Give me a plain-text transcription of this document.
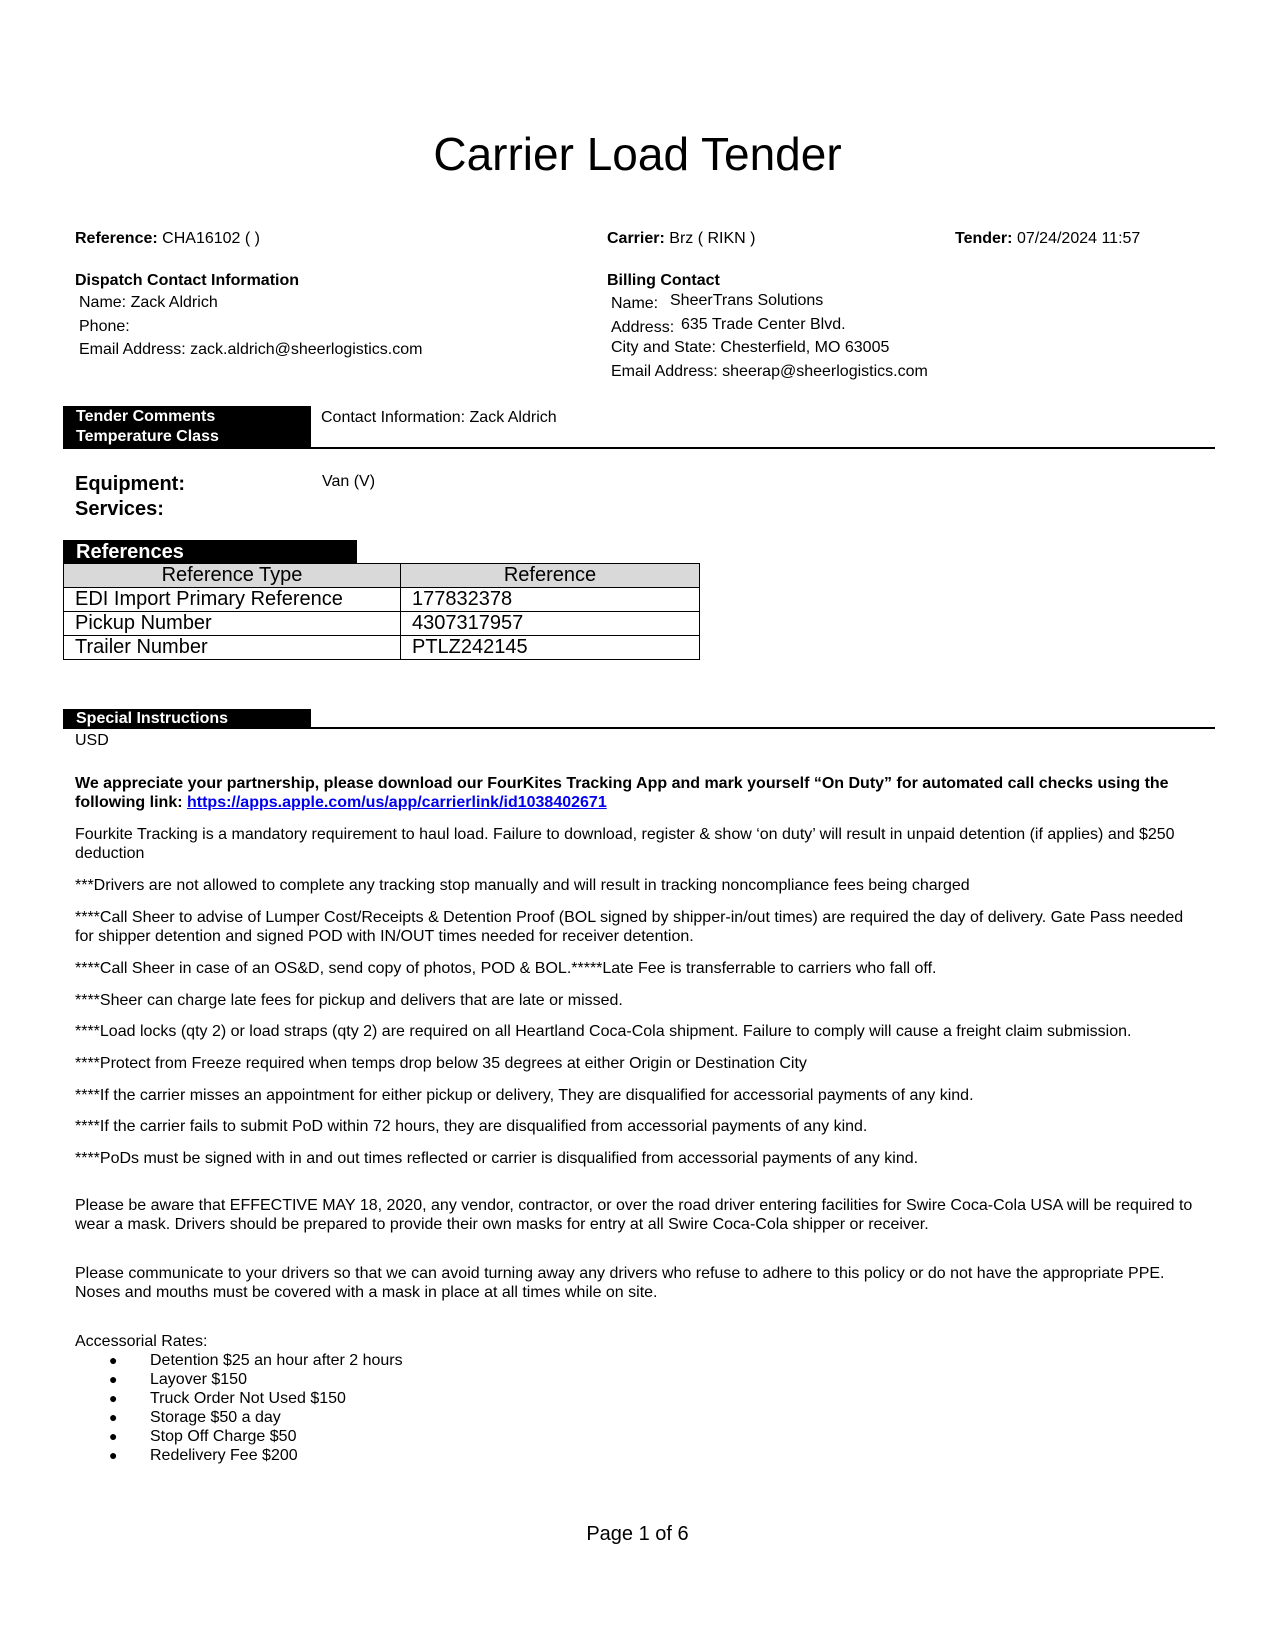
Carrier Load Tender
Reference: CHA16102 ( )	Carrier: Brz ( RIKN )	Tender: 07/24/2024 11:57
Dispatch Contact Information
Name: Zack Aldrich
Phone:
Email Address: zack.aldrich@sheerlogistics.com
Billing Contact
Name: SheerTrans Solutions
Address: 635 Trade Center Blvd.
City and State: Chesterfield, MO 63005
Email Address: sheerap@sheerlogistics.com
Tender Comments
Temperature Class
Contact Information: Zack Aldrich
Equipment:	Van (V)
Services:
References
Reference Type	Reference
EDI Import Primary Reference	177832378
Pickup Number	4307317957
Trailer Number	PTLZ242145
Special Instructions
USD
We appreciate your partnership, please download our FourKites Tracking App and mark yourself “On Duty” for automated call checks using the following link: https://apps.apple.com/us/app/carrierlink/id1038402671
Fourkite Tracking is a mandatory requirement to haul load. Failure to download, register & show ‘on duty’ will result in unpaid detention (if applies) and $250 deduction
***Drivers are not allowed to complete any tracking stop manually and will result in tracking noncompliance fees being charged
****Call Sheer to advise of Lumper Cost/Receipts & Detention Proof (BOL signed by shipper-in/out times) are required the day of delivery. Gate Pass needed for shipper detention and signed POD with IN/OUT times needed for receiver detention.
****Call Sheer in case of an OS&D, send copy of photos, POD & BOL.*****Late Fee is transferrable to carriers who fall off.
****Sheer can charge late fees for pickup and delivers that are late or missed.
****Load locks (qty 2) or load straps (qty 2) are required on all Heartland Coca-Cola shipment. Failure to comply will cause a freight claim submission.
****Protect from Freeze required when temps drop below 35 degrees at either Origin or Destination City
****If the carrier misses an appointment for either pickup or delivery, They are disqualified for accessorial payments of any kind.
****If the carrier fails to submit PoD within 72 hours, they are disqualified from accessorial payments of any kind.
****PoDs must be signed with in and out times reflected or carrier is disqualified from accessorial payments of any kind.
Please be aware that EFFECTIVE MAY 18, 2020, any vendor, contractor, or over the road driver entering facilities for Swire Coca-Cola USA will be required to wear a mask. Drivers should be prepared to provide their own masks for entry at all Swire Coca-Cola shipper or receiver.
Please communicate to your drivers so that we can avoid turning away any drivers who refuse to adhere to this policy or do not have the appropriate PPE. Noses and mouths must be covered with a mask in place at all times while on site.
Accessorial Rates:
● Detention $25 an hour after 2 hours
● Layover $150
● Truck Order Not Used $150
● Storage $50 a day
● Stop Off Charge $50
● Redelivery Fee $200
Page 1 of 6
